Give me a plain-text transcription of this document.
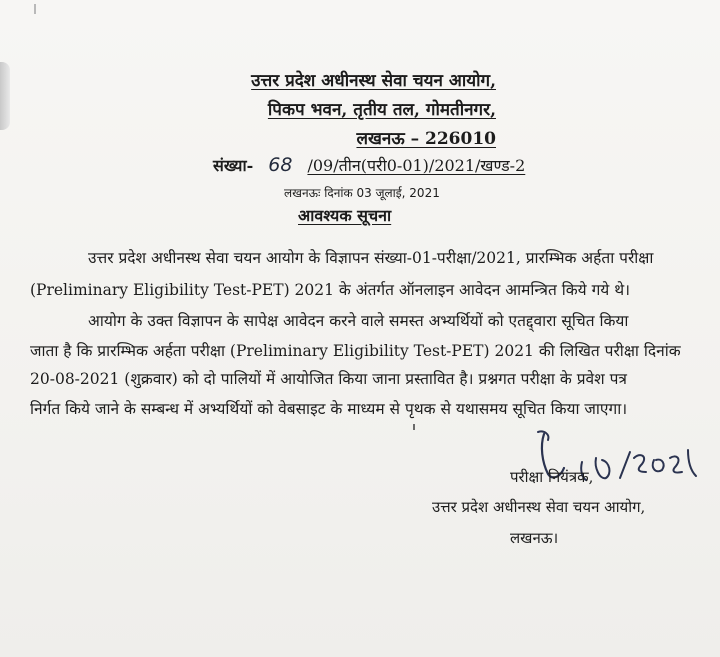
उत्तर प्रदेश अधीनस्थ सेवा चयन आयोग,

पिकप भवन, तृतीय तल, गोमतीनगर,

लखनऊ – 226010

संख्या- 68 /09/तीन(परी0-01)/2021/खण्ड-2
लखनऊः दिनांक 03 जूलाई, 2021

आवश्यक सूचना

उत्तर प्रदेश अधीनस्थ सेवा चयन आयोग के विज्ञापन संख्या-01-परीक्षा/2021, प्रारम्भिक अर्हता परीक्षा

(Preliminary Eligibility Test-PET) 2021 के अंतर्गत ऑनलाइन आवेदन आमन्त्रित किये गये थे।

आयोग के उक्त विज्ञापन के सापेक्ष आवेदन करने वाले समस्त अभ्यर्थियों को एतद्द्वारा सूचित किया

जाता है कि प्रारम्भिक अर्हता परीक्षा (Preliminary Eligibility Test-PET) 2021 की लिखित परीक्षा दिनांक

20-08-2021 (शुक्रवार) को दो पालियों में आयोजित किया जाना प्रस्तावित है। प्रश्नगत परीक्षा के प्रवेश पत्र

निर्गत किये जाने के सम्बन्ध में अभ्यर्थियों को वेबसाइट के माध्यम से पृथक से यथासमय सूचित किया जाएगा।

परीक्षा नियंत्रक,

उत्तर प्रदेश अधीनस्थ सेवा चयन आयोग,

लखनऊ।
